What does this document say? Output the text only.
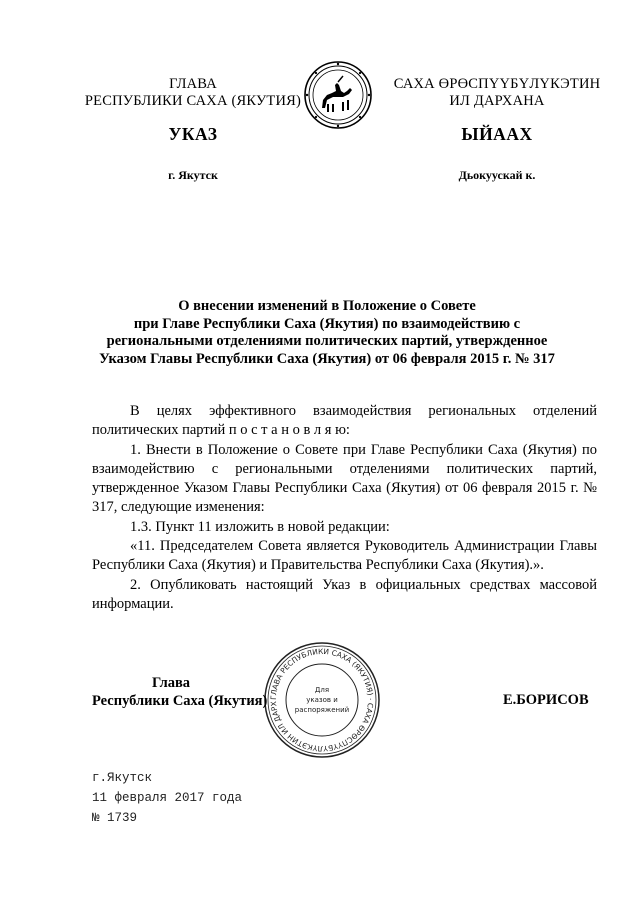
ГЛАВА
РЕСПУБЛИКИ САХА (ЯКУТИЯ)
САХА ӨРӨСПҮҮБҮЛҮКЭТИН
ИЛ ДАРХАНА
УКАЗ	ЫЙААХ
г. Якутск	Дьокуускай к.
О внесении изменений в Положение о Совете
при Главе Республики Саха (Якутия) по взаимодействию с
региональными отделениями политических партий, утвержденное
Указом Главы Республики Саха (Якутия) от 06 февраля 2015 г. № 317

В целях эффективного взаимодействия региональных отделений политических партий п о с т а н о в л я ю:

1. Внести в Положение о Совете при Главе Республики Саха (Якутия) по взаимодействию с региональными отделениями политических партий, утвержденное Указом Главы Республики Саха (Якутия) от 06 февраля 2015 г. № 317, следующие изменения:

1.3. Пункт 11 изложить в новой редакции:

«11. Председателем Совета является Руководитель Администрации Главы Республики Саха (Якутия) и Правительства Республики Саха (Якутия).».

2. Опубликовать настоящий Указ в официальных средствах массовой информации.

ГЛАВА РЕСПУБЛИКИ САХА (ЯКУТИЯ) · САХА ӨРӨСПҮҮБҮЛҮКЭТИН ИЛ ДАРХ
Для
указов и
распоряжений
Глава
Республики Саха (Якутия)	Е.БОРИСОВ
г.Якутск
11 февраля 2017 года
№ 1739
